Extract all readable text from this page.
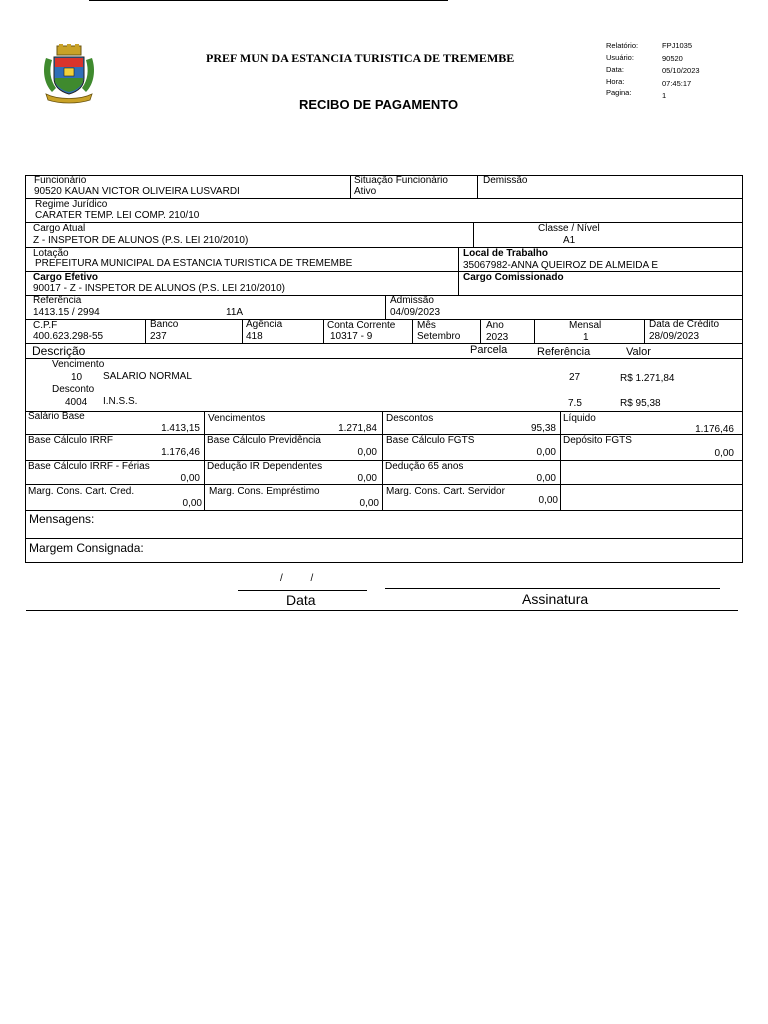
PREF MUN DA ESTANCIA TURISTICA DE TREMEMBE
RECIBO DE PAGAMENTO
Relatório:	FPJ1035
Usuário:	90520
Data:	05/10/2023
Hora:	07:45:17
Pagina:	1
Funcionário
90520 KAUAN VICTOR OLIVEIRA LUSVARDI
Situação Funcionário
Ativo
Demissão
Regime Jurídico
CARATER TEMP. LEI COMP. 210/10
Cargo Atual
Z - INSPETOR DE ALUNOS (P.S. LEI 210/2010)
Classe / Nível
A1
Lotação
PREFEITURA MUNICIPAL DA ESTANCIA TURISTICA DE TREMEMBE
Local de Trabalho
35067982-ANNA QUEIROZ DE ALMEIDA E
Cargo Efetivo
90017 - Z - INSPETOR DE ALUNOS (P.S. LEI 210/2010)
Cargo Comissionado
Referência
1413.15 / 2994	11A
Admissão
04/09/2023
C.P.F
400.623.298-55
Banco
237
Agência
418
Conta Corrente
10317 - 9
Mês
Setembro
Ano
2023
Mensal
1
Data de Crédito
28/09/2023
Descrição	Parcela	Referência	Valor
Vencimento
10 SALARIO NORMAL	27	R$ 1.271,84
Desconto
4004 I.N.S.S.	7.5	R$ 95,38
Salário Base
1.413,15
Vencimentos
1.271,84
Descontos
95,38
Líquido
1.176,46
Base Cálculo IRRF
1.176,46
Base Cálculo Previdência
0,00
Base Cálculo FGTS
0,00
Depósito FGTS
0,00
Base Cálculo IRRF - Férias
0,00
Dedução IR Dependentes
0,00
Dedução 65 anos
0,00
Marg. Cons. Cart. Cred.
0,00
Marg. Cons. Empréstimo
0,00
Marg. Cons. Cart. Servidor
0,00
Mensagens:
Margem Consignada:
/          /
Data	Assinatura
